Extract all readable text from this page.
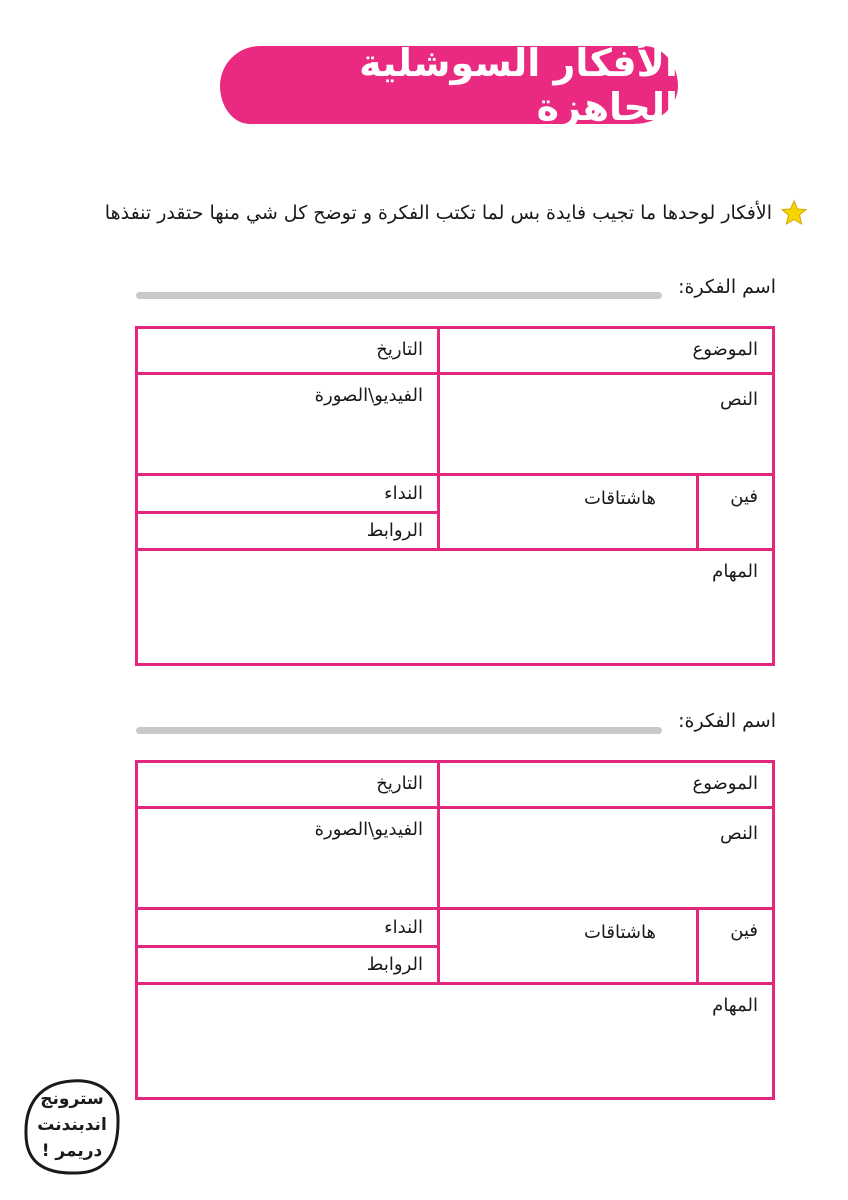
الأفكار السوشلية الجاهزة
الأفكار لوحدها ما تجيب فايدة بس لما تكتب الفكرة و توضح كل شي منها حتقدر تنفذها
اسم الفكرة:
الموضوع
التاريخ
النص
الفيديو\الصورة
فين
هاشتاقات
النداء
الروابط
المهام
اسم الفكرة:
الموضوع
التاريخ
النص
الفيديو\الصورة
فين
هاشتاقات
النداء
الروابط
المهام
سترونج
اندبندنت
دريمر !
